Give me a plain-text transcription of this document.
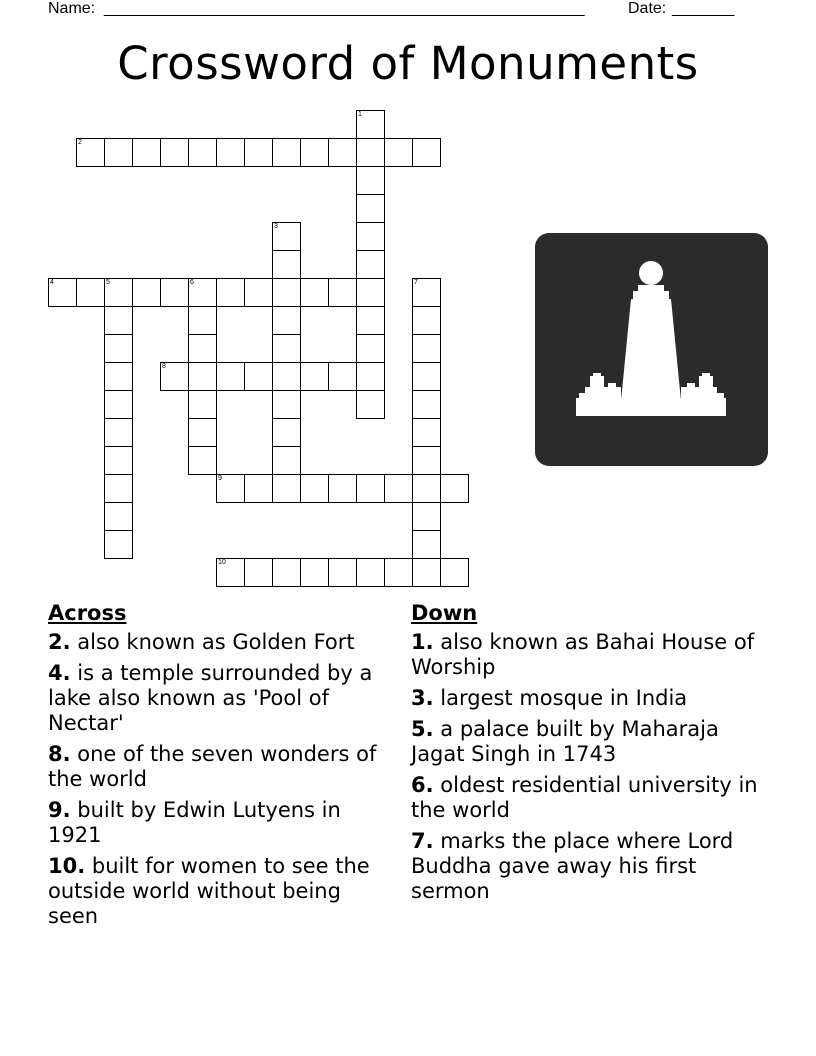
Name: ______________________________________________________	Date: _______
Crossword of Monuments
1
2
3
4	5	6	7
8
9
10
Across
2. also known as Golden Fort
4. is a temple surrounded by a lake also known as 'Pool of Nectar'
8. one of the seven wonders of the world
9. built by Edwin Lutyens in 1921
10. built for women to see the outside world without being seen
Down
1. also known as Bahai House of Worship
3. largest mosque in India
5. a palace built by Maharaja Jagat Singh in 1743
6. oldest residential university in the world
7. marks the place where Lord Buddha gave away his first sermon
